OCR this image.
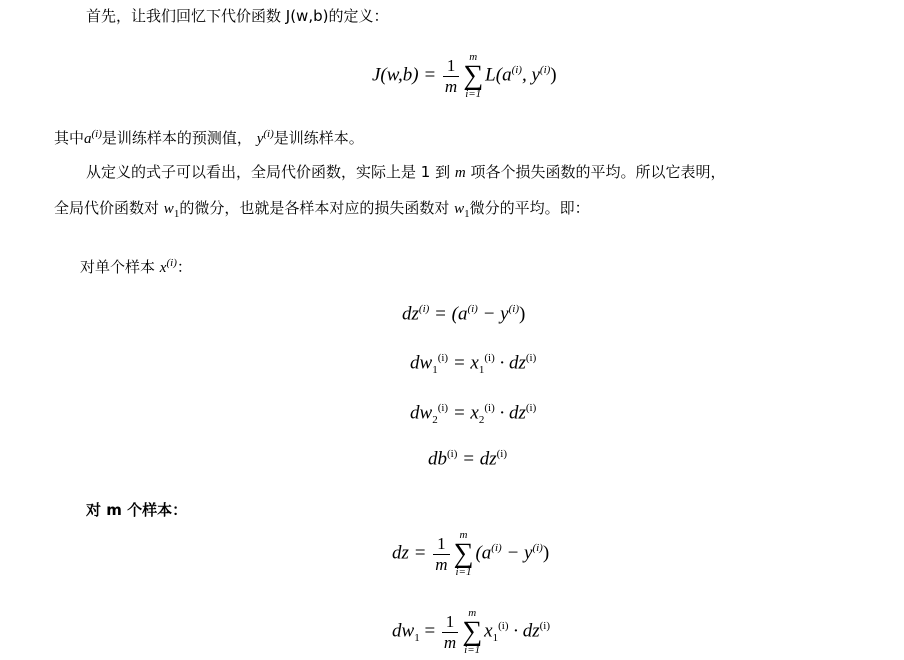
首先，让我们回忆下代价函数 J(w,b)的定义：
$J(w,b) = \frac{1}{m}$ m
∑
i=1
$L(a^{(i)}$, $y^{(i)}$)
其中$a^{(i)}$是训练样本的预测值， $y^{(i)}$是训练样本。
从定义的式子可以看出，全局代价函数，实际上是 1 到 m 项各个损失函数的平均。所以它表明，
全局代价函数对 $w_1$的微分，也就是各样本对应的损失函数对 $w_1$微分的平均。即：
对单个样本 $x^{(i)}$：
$dz^{(i)} = (a^{(i)} - y^{(i)})$
$dw_1^{(i)} = x_1^{(i)} \cdot dz^{(i)}$
$dw_2^{(i)} = x_2^{(i)} \cdot dz^{(i)}$
$db^{(i)} = dz^{(i)}$
对 m 个样本：
dz = $\frac{1}{m}$ m
∑
i=1
$(a^{(i)} - y^{(i)})$
$dw_1 = \frac{1}{m}$ m
∑
i=1
$x_1^{(i)} \cdot dz^{(i)}$
